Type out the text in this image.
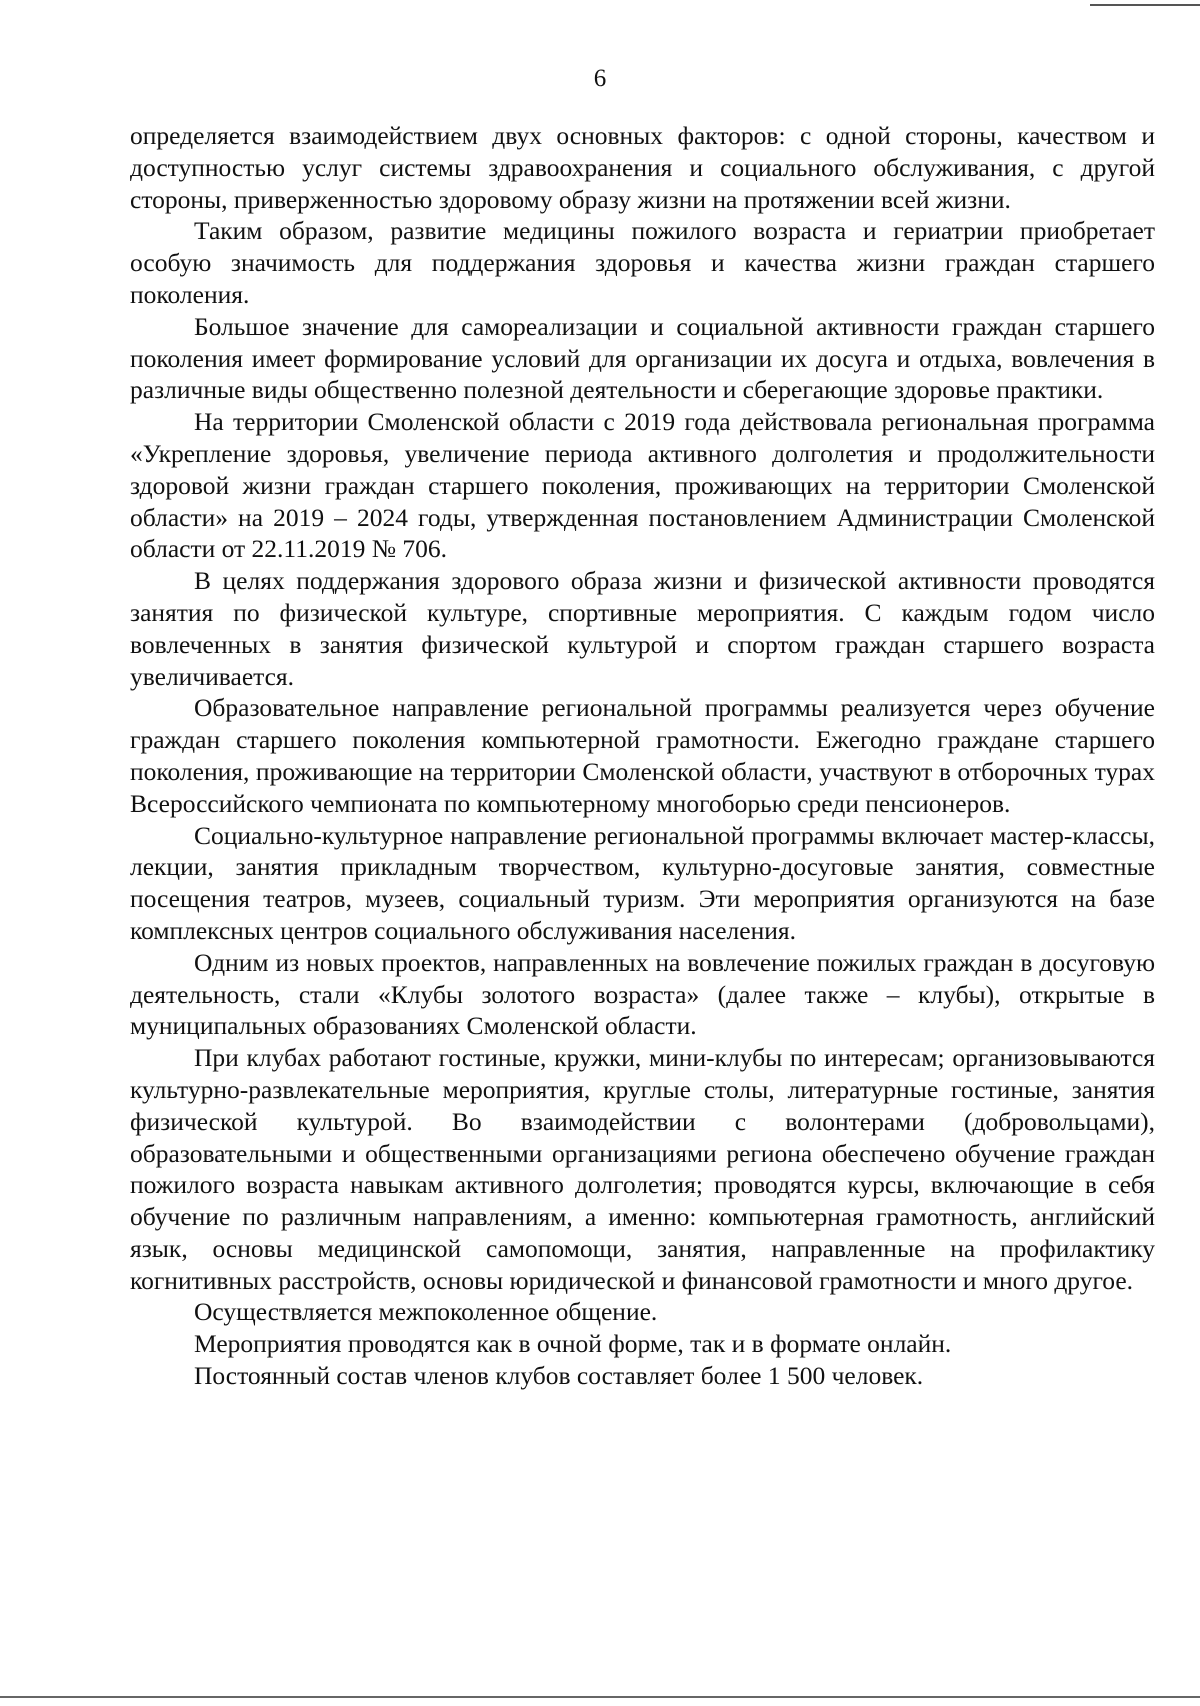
6

определяется взаимодействием двух основных факторов: с одной стороны, качеством и доступностью услуг системы здравоохранения и социального обслуживания, с другой стороны, приверженностью здоровому образу жизни на протяжении всей жизни.

Таким образом, развитие медицины пожилого возраста и гериатрии приобретает особую значимость для поддержания здоровья и качества жизни граждан старшего поколения.

Большое значение для самореализации и социальной активности граждан старшего поколения имеет формирование условий для организации их досуга и отдыха, вовлечения в различные виды общественно полезной деятельности и сберегающие здоровье практики.

На территории Смоленской области с 2019 года действовала региональная программа «Укрепление здоровья, увеличение периода активного долголетия и продолжительности здоровой жизни граждан старшего поколения, проживающих на территории Смоленской области» на 2019 – 2024 годы, утвержденная постановлением Администрации Смоленской области от 22.11.2019 № 706.

В целях поддержания здорового образа жизни и физической активности проводятся занятия по физической культуре, спортивные мероприятия. С каждым годом число вовлеченных в занятия физической культурой и спортом граждан старшего возраста увеличивается.

Образовательное направление региональной программы реализуется через обучение граждан старшего поколения компьютерной грамотности. Ежегодно граждане старшего поколения, проживающие на территории Смоленской области, участвуют в отборочных турах Всероссийского чемпионата по компьютерному многоборью среди пенсионеров.

Социально-культурное направление региональной программы включает мастер-классы, лекции, занятия прикладным творчеством, культурно-досуговые занятия, совместные посещения театров, музеев, социальный туризм. Эти мероприятия организуются на базе комплексных центров социального обслуживания населения.

Одним из новых проектов, направленных на вовлечение пожилых граждан в досуговую деятельность, стали «Клубы золотого возраста» (далее также – клубы), открытые в муниципальных образованиях Смоленской области.

При клубах работают гостиные, кружки, мини-клубы по интересам; организовываются культурно-развлекательные мероприятия, круглые столы, литературные гостиные, занятия физической культурой. Во взаимодействии с волонтерами (добровольцами), образовательными и общественными организациями региона обеспечено обучение граждан пожилого возраста навыкам активного долголетия; проводятся курсы, включающие в себя обучение по различным направлениям, а именно: компьютерная грамотность, английский язык, основы медицинской самопомощи, занятия, направленные на профилактику когнитивных расстройств, основы юридической и финансовой грамотности и много другое.

Осуществляется межпоколенное общение.

Мероприятия проводятся как в очной форме, так и в формате онлайн.

Постоянный состав членов клубов составляет более 1 500 человек.
